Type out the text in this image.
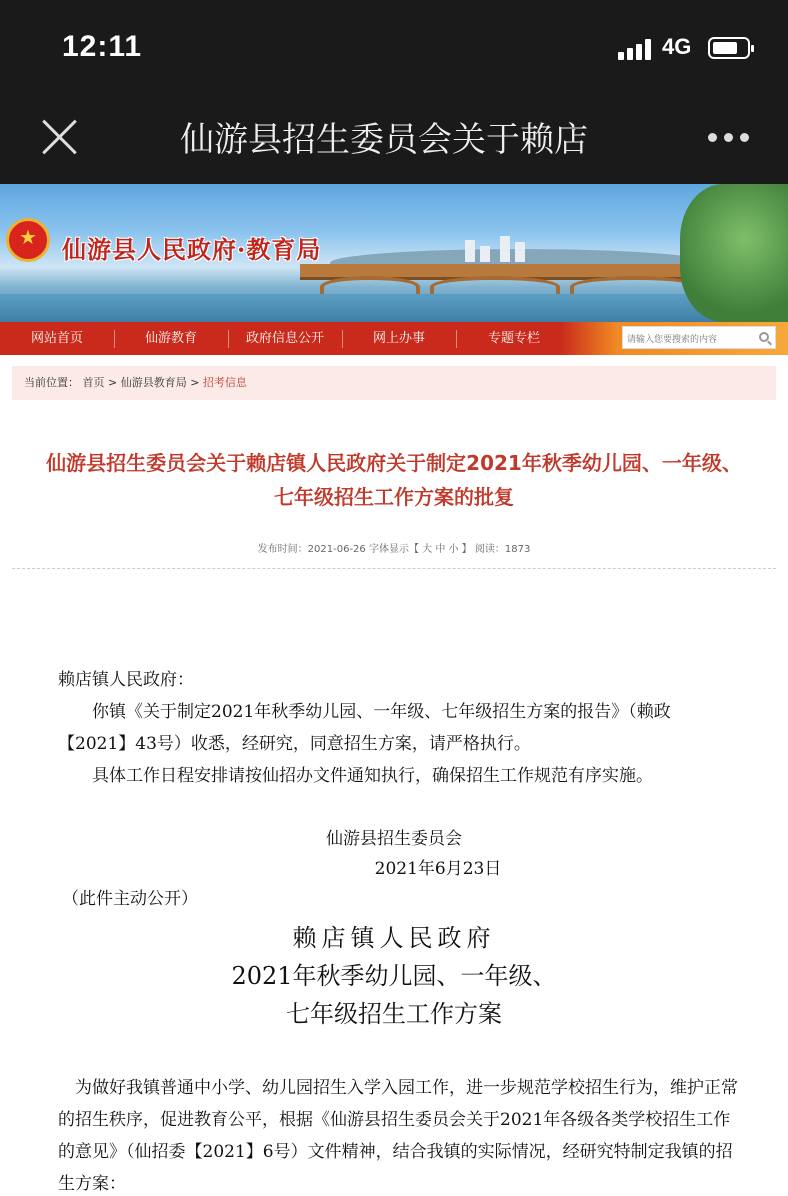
12:11	4G
仙游县招生委员会关于赖店
★
仙游县人民政府·教育局
网站首页	仙游教育	政府信息公开	网上办事	专题专栏
请输入您要搜索的内容
当前位置： 首页 > 仙游县教育局 > 招考信息
仙游县招生委员会关于赖店镇人民政府关于制定2021年秋季幼儿园、一年级、七年级招生工作方案的批复
发布时间：2021-06-26 字体显示【 大 中 小 】 阅读：1873
赖店镇人民政府：
　　你镇《关于制定2021年秋季幼儿园、一年级、七年级招生方案的报告》（赖政【2021】43号）收悉，经研究，同意招生方案，请严格执行。
　　具体工作日程安排请按仙招办文件通知执行，确保招生工作规范有序实施。
仙游县招生委员会
2021年6月23日
（此件主动公开）
赖店镇人民政府
2021年秋季幼儿园、一年级、
七年级招生工作方案
　为做好我镇普通中小学、幼儿园招生入学入园工作，进一步规范学校招生行为，维护正常的招生秩序，促进教育公平，根据《仙游县招生委员会关于2021年各级各类学校招生工作的意见》（仙招委【2021】6号）文件精神，结合我镇的实际情况，经研究特制定我镇的招生方案：
